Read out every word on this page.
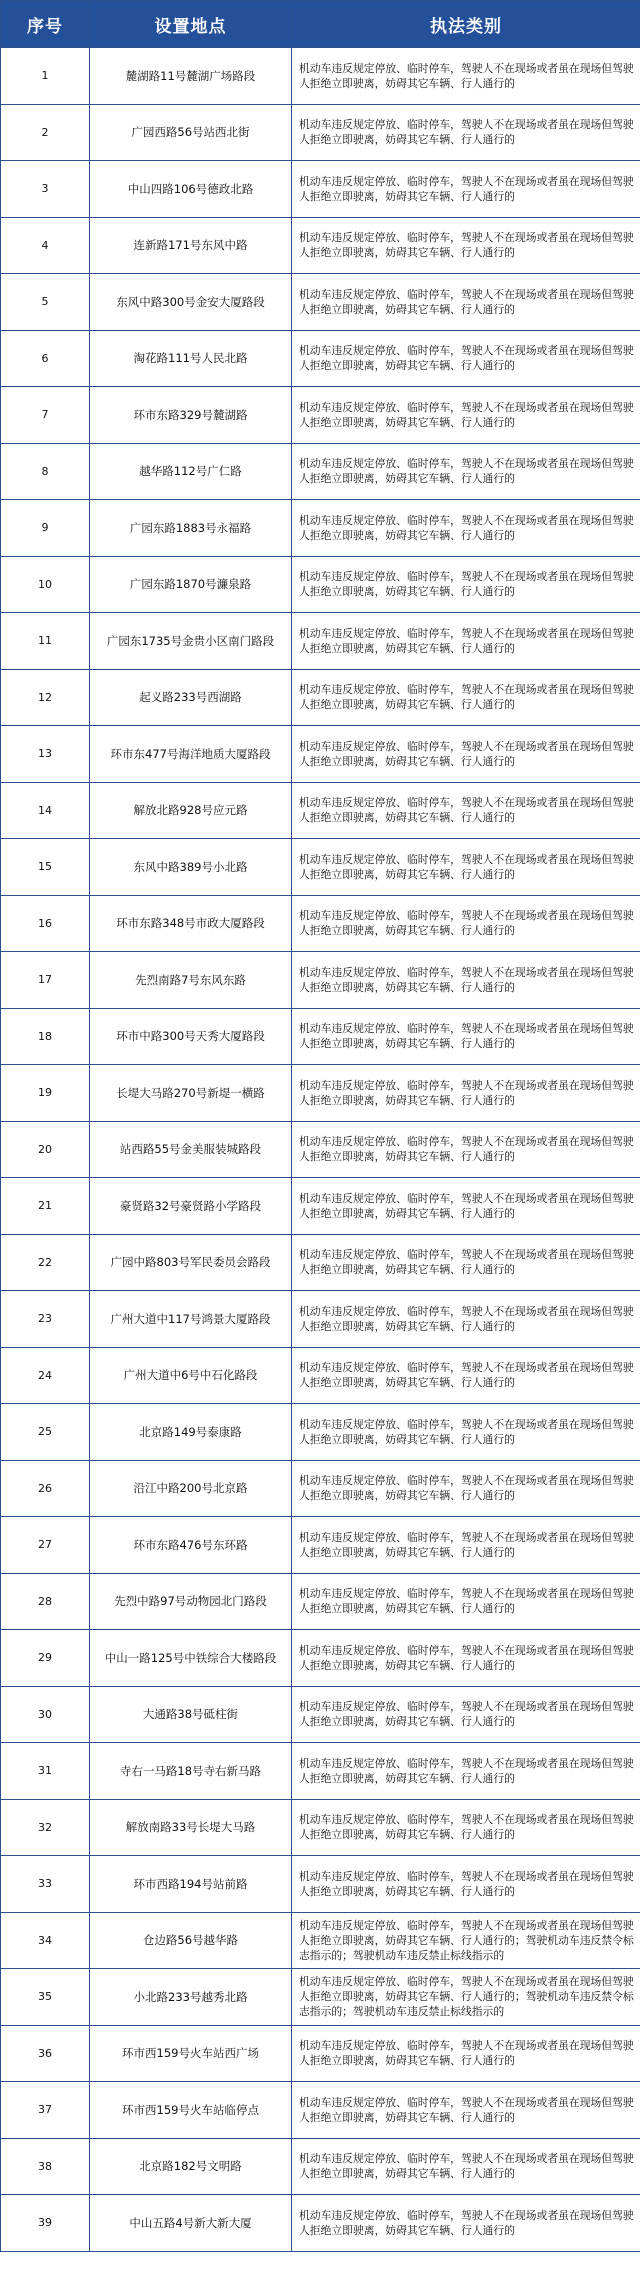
序号	设置地点	执法类别
1	麓湖路11号麓湖广场路段	机动车违反规定停放、临时停车，驾驶人不在现场或者虽在现场但驾驶人拒绝立即驶离，妨碍其它车辆、行人通行的
2	广园西路56号站西北街	机动车违反规定停放、临时停车，驾驶人不在现场或者虽在现场但驾驶人拒绝立即驶离，妨碍其它车辆、行人通行的
3	中山四路106号德政北路	机动车违反规定停放、临时停车，驾驶人不在现场或者虽在现场但驾驶人拒绝立即驶离，妨碍其它车辆、行人通行的
4	连新路171号东风中路	机动车违反规定停放、临时停车，驾驶人不在现场或者虽在现场但驾驶人拒绝立即驶离，妨碍其它车辆、行人通行的
5	东风中路300号金安大厦路段	机动车违反规定停放、临时停车，驾驶人不在现场或者虽在现场但驾驶人拒绝立即驶离，妨碍其它车辆、行人通行的
6	淘花路111号人民北路	机动车违反规定停放、临时停车，驾驶人不在现场或者虽在现场但驾驶人拒绝立即驶离，妨碍其它车辆、行人通行的
7	环市东路329号麓湖路	机动车违反规定停放、临时停车，驾驶人不在现场或者虽在现场但驾驶人拒绝立即驶离，妨碍其它车辆、行人通行的
8	越华路112号广仁路	机动车违反规定停放、临时停车，驾驶人不在现场或者虽在现场但驾驶人拒绝立即驶离，妨碍其它车辆、行人通行的
9	广园东路1883号永福路	机动车违反规定停放、临时停车，驾驶人不在现场或者虽在现场但驾驶人拒绝立即驶离，妨碍其它车辆、行人通行的
10	广园东路1870号濂泉路	机动车违反规定停放、临时停车，驾驶人不在现场或者虽在现场但驾驶人拒绝立即驶离，妨碍其它车辆、行人通行的
11	广园东1735号金贵小区南门路段	机动车违反规定停放、临时停车，驾驶人不在现场或者虽在现场但驾驶人拒绝立即驶离，妨碍其它车辆、行人通行的
12	起义路233号西湖路	机动车违反规定停放、临时停车，驾驶人不在现场或者虽在现场但驾驶人拒绝立即驶离，妨碍其它车辆、行人通行的
13	环市东477号海洋地质大厦路段	机动车违反规定停放、临时停车，驾驶人不在现场或者虽在现场但驾驶人拒绝立即驶离，妨碍其它车辆、行人通行的
14	解放北路928号应元路	机动车违反规定停放、临时停车，驾驶人不在现场或者虽在现场但驾驶人拒绝立即驶离，妨碍其它车辆、行人通行的
15	东风中路389号小北路	机动车违反规定停放、临时停车，驾驶人不在现场或者虽在现场但驾驶人拒绝立即驶离，妨碍其它车辆、行人通行的
16	环市东路348号市政大厦路段	机动车违反规定停放、临时停车，驾驶人不在现场或者虽在现场但驾驶人拒绝立即驶离，妨碍其它车辆、行人通行的
17	先烈南路7号东风东路	机动车违反规定停放、临时停车，驾驶人不在现场或者虽在现场但驾驶人拒绝立即驶离，妨碍其它车辆、行人通行的
18	环市中路300号天秀大厦路段	机动车违反规定停放、临时停车，驾驶人不在现场或者虽在现场但驾驶人拒绝立即驶离，妨碍其它车辆、行人通行的
19	长堤大马路270号新堤一横路	机动车违反规定停放、临时停车，驾驶人不在现场或者虽在现场但驾驶人拒绝立即驶离，妨碍其它车辆、行人通行的
20	站西路55号金美服装城路段	机动车违反规定停放、临时停车，驾驶人不在现场或者虽在现场但驾驶人拒绝立即驶离，妨碍其它车辆、行人通行的
21	豪贤路32号豪贤路小学路段	机动车违反规定停放、临时停车，驾驶人不在现场或者虽在现场但驾驶人拒绝立即驶离，妨碍其它车辆、行人通行的
22	广园中路803号军民委员会路段	机动车违反规定停放、临时停车，驾驶人不在现场或者虽在现场但驾驶人拒绝立即驶离，妨碍其它车辆、行人通行的
23	广州大道中117号鸿景大厦路段	机动车违反规定停放、临时停车，驾驶人不在现场或者虽在现场但驾驶人拒绝立即驶离，妨碍其它车辆、行人通行的
24	广州大道中6号中石化路段	机动车违反规定停放、临时停车，驾驶人不在现场或者虽在现场但驾驶人拒绝立即驶离，妨碍其它车辆、行人通行的
25	北京路149号泰康路	机动车违反规定停放、临时停车，驾驶人不在现场或者虽在现场但驾驶人拒绝立即驶离，妨碍其它车辆、行人通行的
26	沿江中路200号北京路	机动车违反规定停放、临时停车，驾驶人不在现场或者虽在现场但驾驶人拒绝立即驶离，妨碍其它车辆、行人通行的
27	环市东路476号东环路	机动车违反规定停放、临时停车，驾驶人不在现场或者虽在现场但驾驶人拒绝立即驶离，妨碍其它车辆、行人通行的
28	先烈中路97号动物园北门路段	机动车违反规定停放、临时停车，驾驶人不在现场或者虽在现场但驾驶人拒绝立即驶离，妨碍其它车辆、行人通行的
29	中山一路125号中铁综合大楼路段	机动车违反规定停放、临时停车，驾驶人不在现场或者虽在现场但驾驶人拒绝立即驶离，妨碍其它车辆、行人通行的
30	大通路38号砥柱街	机动车违反规定停放、临时停车，驾驶人不在现场或者虽在现场但驾驶人拒绝立即驶离，妨碍其它车辆、行人通行的
31	寺右一马路18号寺右新马路	机动车违反规定停放、临时停车，驾驶人不在现场或者虽在现场但驾驶人拒绝立即驶离，妨碍其它车辆、行人通行的
32	解放南路33号长堤大马路	机动车违反规定停放、临时停车，驾驶人不在现场或者虽在现场但驾驶人拒绝立即驶离，妨碍其它车辆、行人通行的
33	环市西路194号站前路	机动车违反规定停放、临时停车，驾驶人不在现场或者虽在现场但驾驶人拒绝立即驶离，妨碍其它车辆、行人通行的
34	仓边路56号越华路	机动车违反规定停放、临时停车，驾驶人不在现场或者虽在现场但驾驶人拒绝立即驶离，妨碍其它车辆、行人通行的；驾驶机动车违反禁令标志指示的；驾驶机动车违反禁止标线指示的
35	小北路233号越秀北路	机动车违反规定停放、临时停车，驾驶人不在现场或者虽在现场但驾驶人拒绝立即驶离，妨碍其它车辆、行人通行的；驾驶机动车违反禁令标志指示的；驾驶机动车违反禁止标线指示的
36	环市西159号火车站西广场	机动车违反规定停放、临时停车，驾驶人不在现场或者虽在现场但驾驶人拒绝立即驶离，妨碍其它车辆、行人通行的
37	环市西159号火车站临停点	机动车违反规定停放、临时停车，驾驶人不在现场或者虽在现场但驾驶人拒绝立即驶离，妨碍其它车辆、行人通行的
38	北京路182号文明路	机动车违反规定停放、临时停车，驾驶人不在现场或者虽在现场但驾驶人拒绝立即驶离，妨碍其它车辆、行人通行的
39	中山五路4号新大新大厦	机动车违反规定停放、临时停车，驾驶人不在现场或者虽在现场但驾驶人拒绝立即驶离，妨碍其它车辆、行人通行的
